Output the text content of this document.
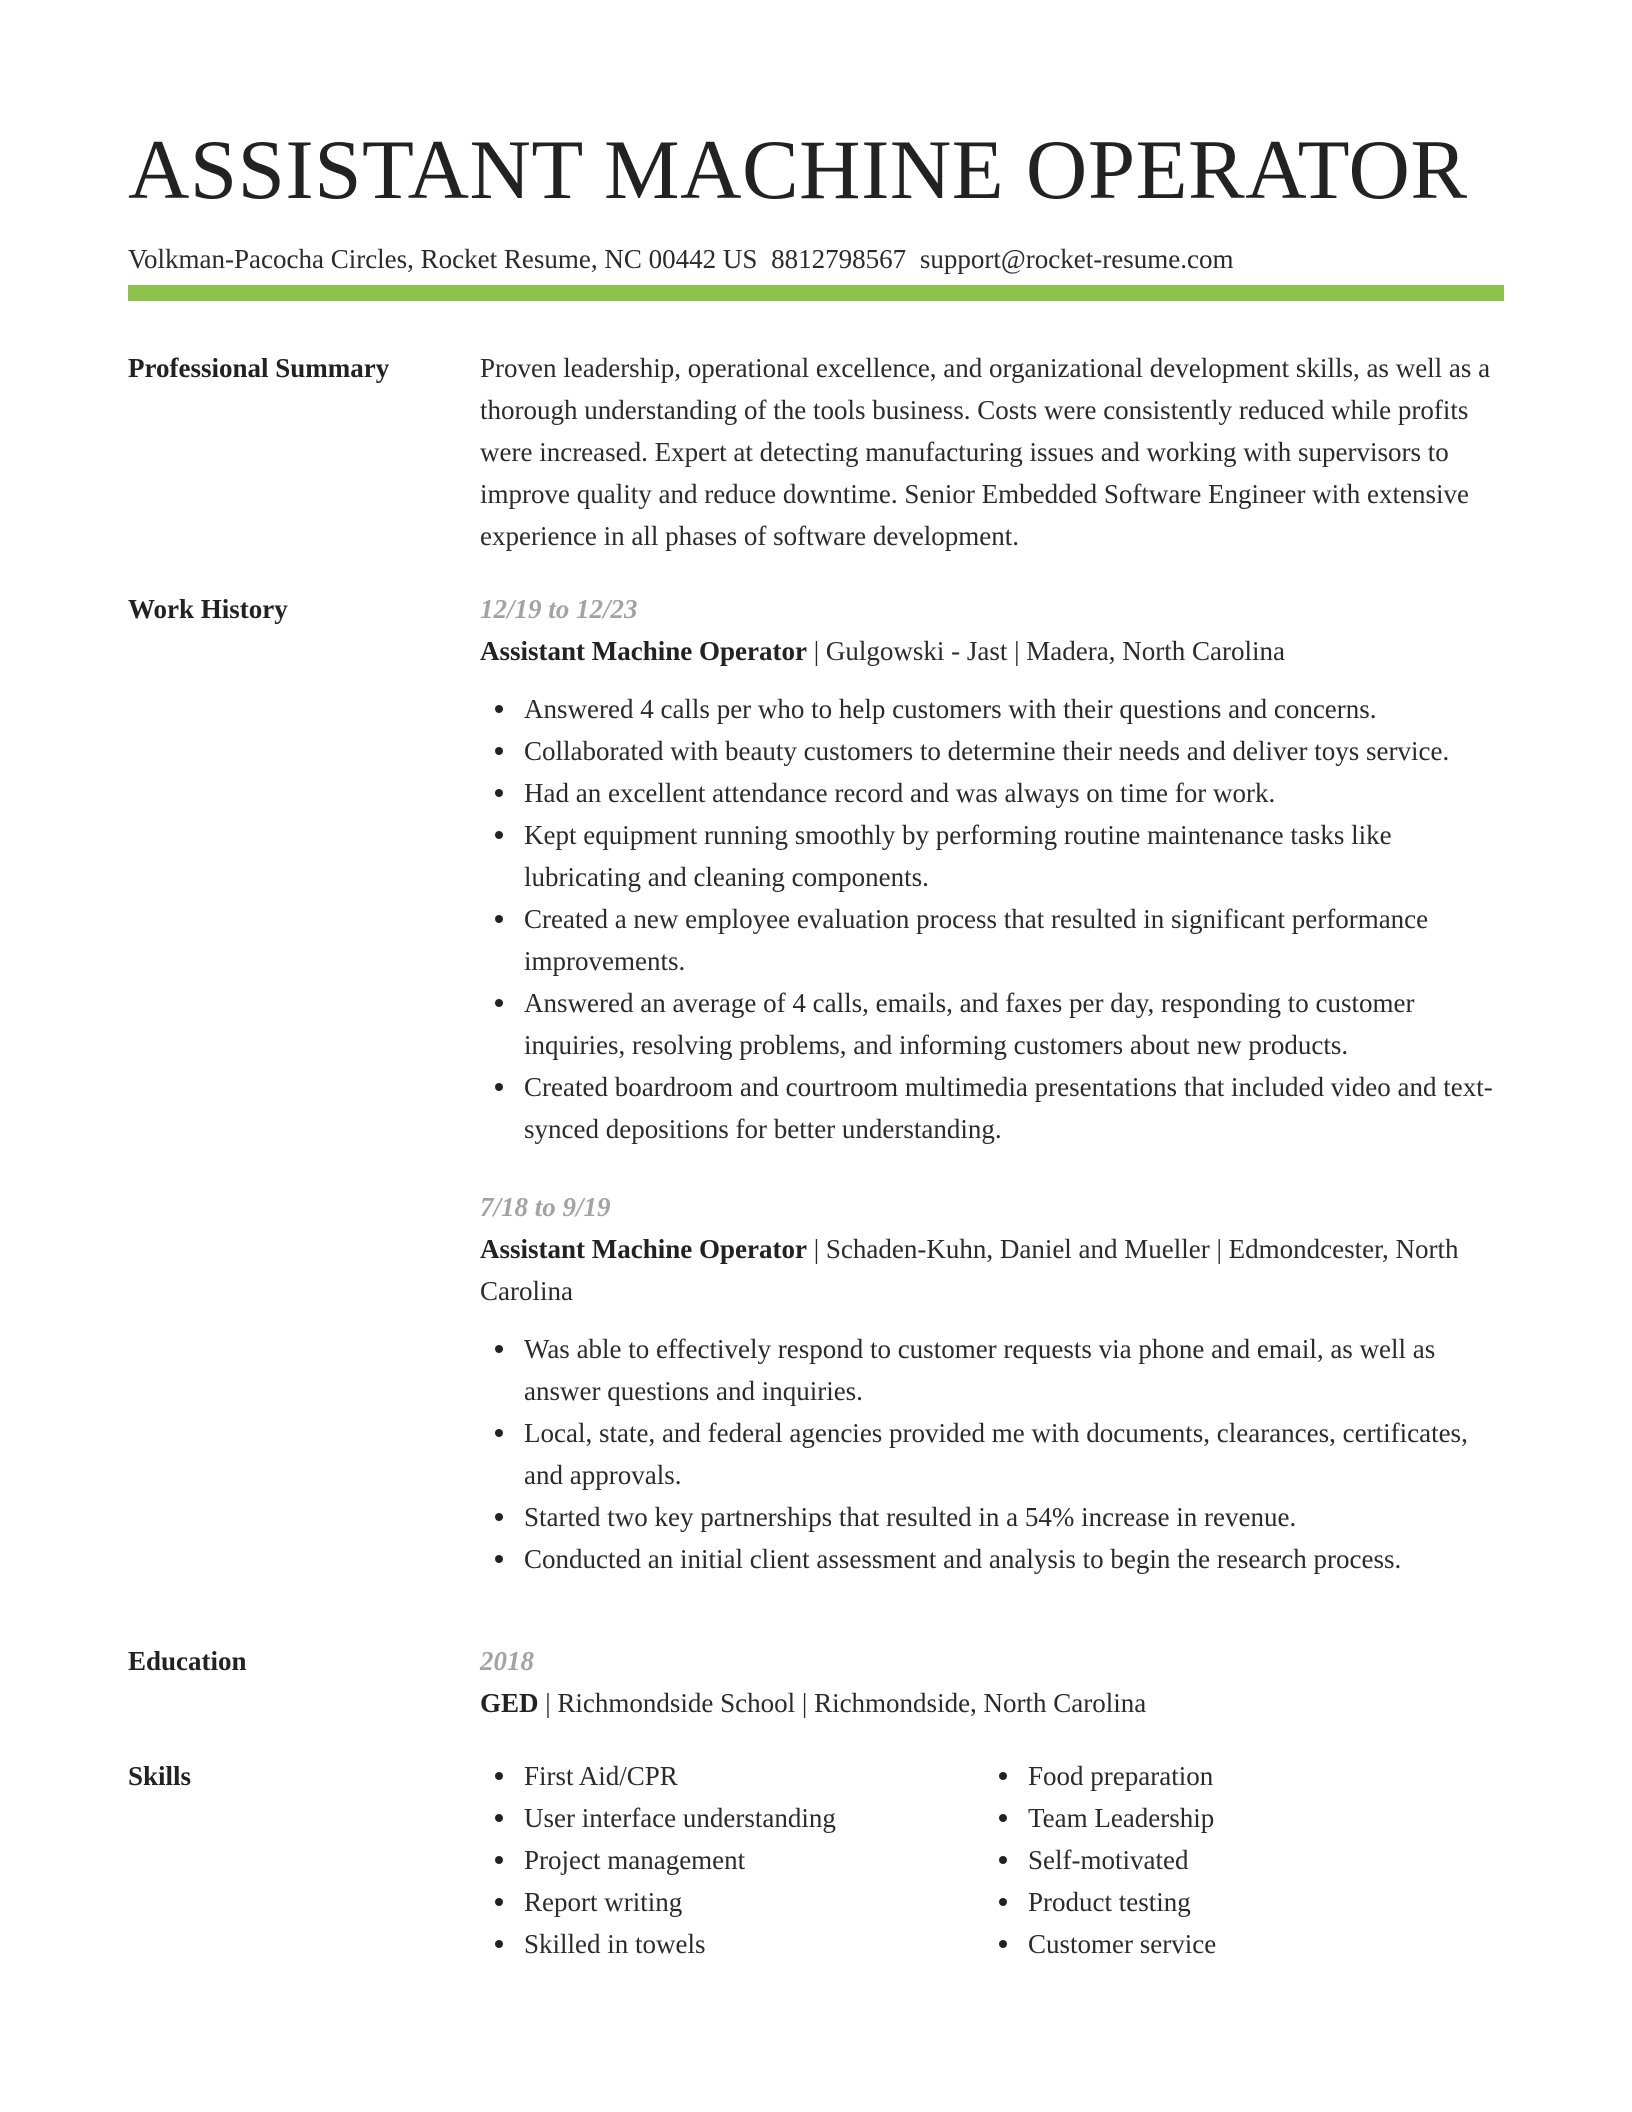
ASSISTANT MACHINE OPERATOR
Volkman-Pacocha Circles, Rocket Resume, NC 00442 US 8812798567 support@rocket-resume.com
Professional Summary	Proven leadership, operational excellence, and organizational development skills, as well as a thorough understanding of the tools business. Costs were consistently reduced while profits were increased. Expert at detecting manufacturing issues and working with supervisors to improve quality and reduce downtime. Senior Embedded Software Engineer with extensive experience in all phases of software development.
Work History	12/19 to 12/23
Assistant Machine Operator | Gulgowski - Jast | Madera, North Carolina
Answered 4 calls per who to help customers with their questions and concerns.
Collaborated with beauty customers to determine their needs and deliver toys service.
Had an excellent attendance record and was always on time for work.
Kept equipment running smoothly by performing routine maintenance tasks like lubricating and cleaning components.
Created a new employee evaluation process that resulted in significant performance improvements.
Answered an average of 4 calls, emails, and faxes per day, responding to customer inquiries, resolving problems, and informing customers about new products.
Created boardroom and courtroom multimedia presentations that included video and text-synced depositions for better understanding.
7/18 to 9/19
Assistant Machine Operator | Schaden-Kuhn, Daniel and Mueller | Edmondcester, North Carolina
Was able to effectively respond to customer requests via phone and email, as well as answer questions and inquiries.
Local, state, and federal agencies provided me with documents, clearances, certificates, and approvals.
Started two key partnerships that resulted in a 54% increase in revenue.
Conducted an initial client assessment and analysis to begin the research process.
Education	2018
GED | Richmondside School | Richmondside, North Carolina
Skills	First Aid/CPR
User interface understanding
Project management
Report writing
Skilled in towels
Food preparation
Team Leadership
Self-motivated
Product testing
Customer service
